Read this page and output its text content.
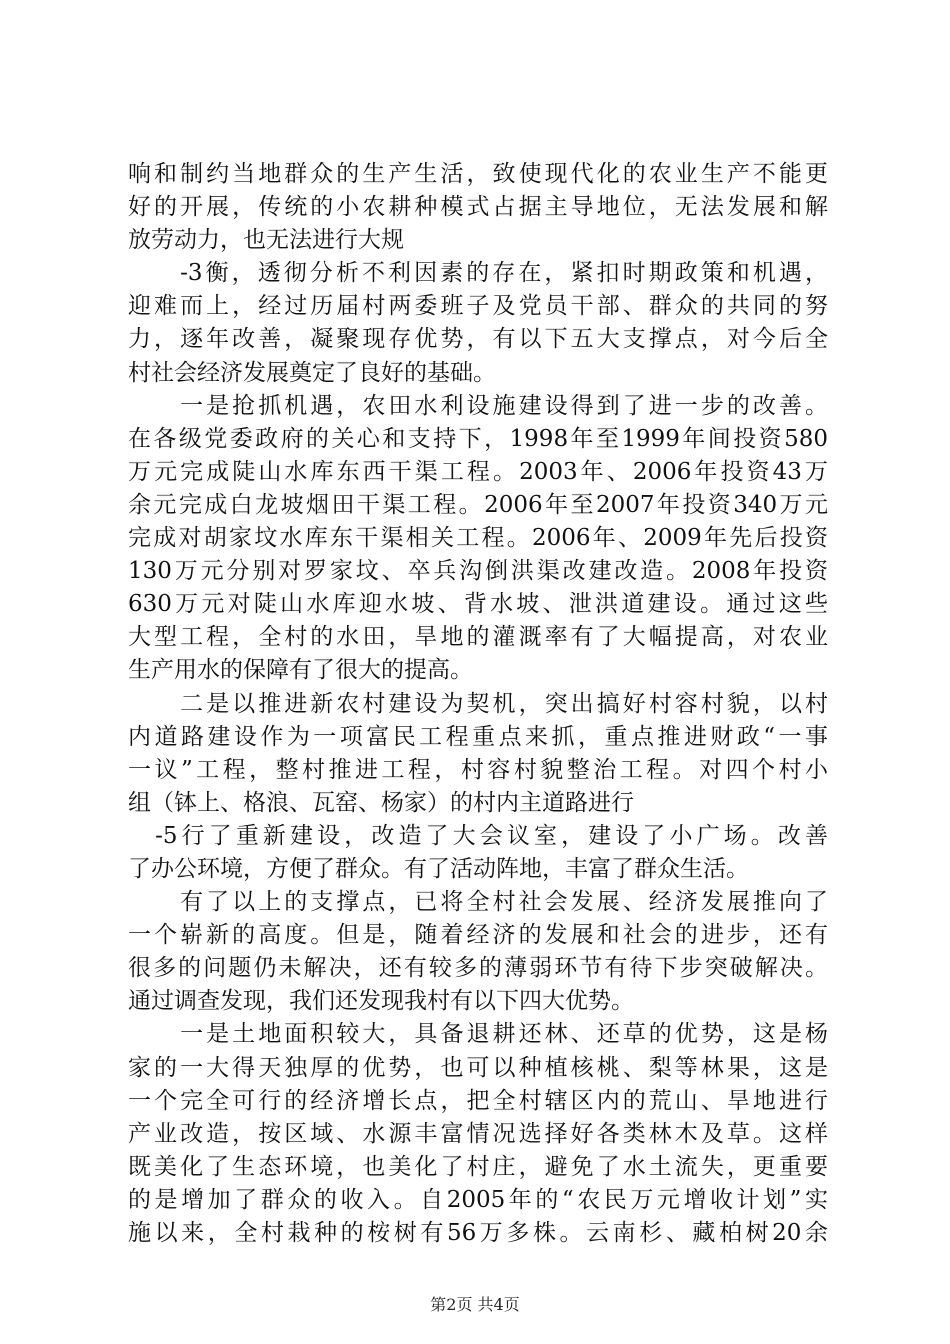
响和制约当地群众的生产生活，致使现代化的农业生产不能更

好的开展，传统的小农耕种模式占据主导地位，无法发展和解

放劳动力，也无法进行大规

　　-3衡，透彻分析不利因素的存在，紧扣时期政策和机遇，

迎难而上，经过历届村两委班子及党员干部、群众的共同的努

力，逐年改善，凝聚现存优势，有以下五大支撑点，对今后全

村社会经济发展奠定了良好的基础。

　　一是抢抓机遇，农田水利设施建设得到了进一步的改善。

在各级党委政府的关心和支持下，1998年至1999年间投资580

万元完成陡山水库东西干渠工程。2003年、2006年投资43万

余元完成白龙坡烟田干渠工程。2006年至2007年投资340万元

完成对胡家坟水库东干渠相关工程。2006年、2009年先后投资

130万元分别对罗家坟、卒兵沟倒洪渠改建改造。2008年投资

630万元对陡山水库迎水坡、背水坡、泄洪道建设。通过这些

大型工程，全村的水田，旱地的灌溉率有了大幅提高，对农业

生产用水的保障有了很大的提高。

　　二是以推进新农村建设为契机，突出搞好村容村貌，以村

内道路建设作为一项富民工程重点来抓，重点推进财政“一事

一议”工程，整村推进工程，村容村貌整治工程。对四个村小

组（钵上、格浪、瓦窑、杨家）的村内主道路进行

　-5行了重新建设，改造了大会议室，建设了小广场。改善

了办公环境，方便了群众。有了活动阵地，丰富了群众生活。

　　有了以上的支撑点，已将全村社会发展、经济发展推向了

一个崭新的高度。但是，随着经济的发展和社会的进步，还有

很多的问题仍未解决，还有较多的薄弱环节有待下步突破解决。

通过调查发现，我们还发现我村有以下四大优势。

　　一是土地面积较大，具备退耕还林、还草的优势，这是杨

家的一大得天独厚的优势，也可以种植核桃、梨等林果，这是

一个完全可行的经济增长点，把全村辖区内的荒山、旱地进行

产业改造，按区域、水源丰富情况选择好各类林木及草。这样

既美化了生态环境，也美化了村庄，避免了水土流失，更重要

的是增加了群众的收入。自2005年的“农民万元增收计划”实

施以来，全村栽种的桉树有56万多株。云南杉、藏柏树20余

第2页 共4页
